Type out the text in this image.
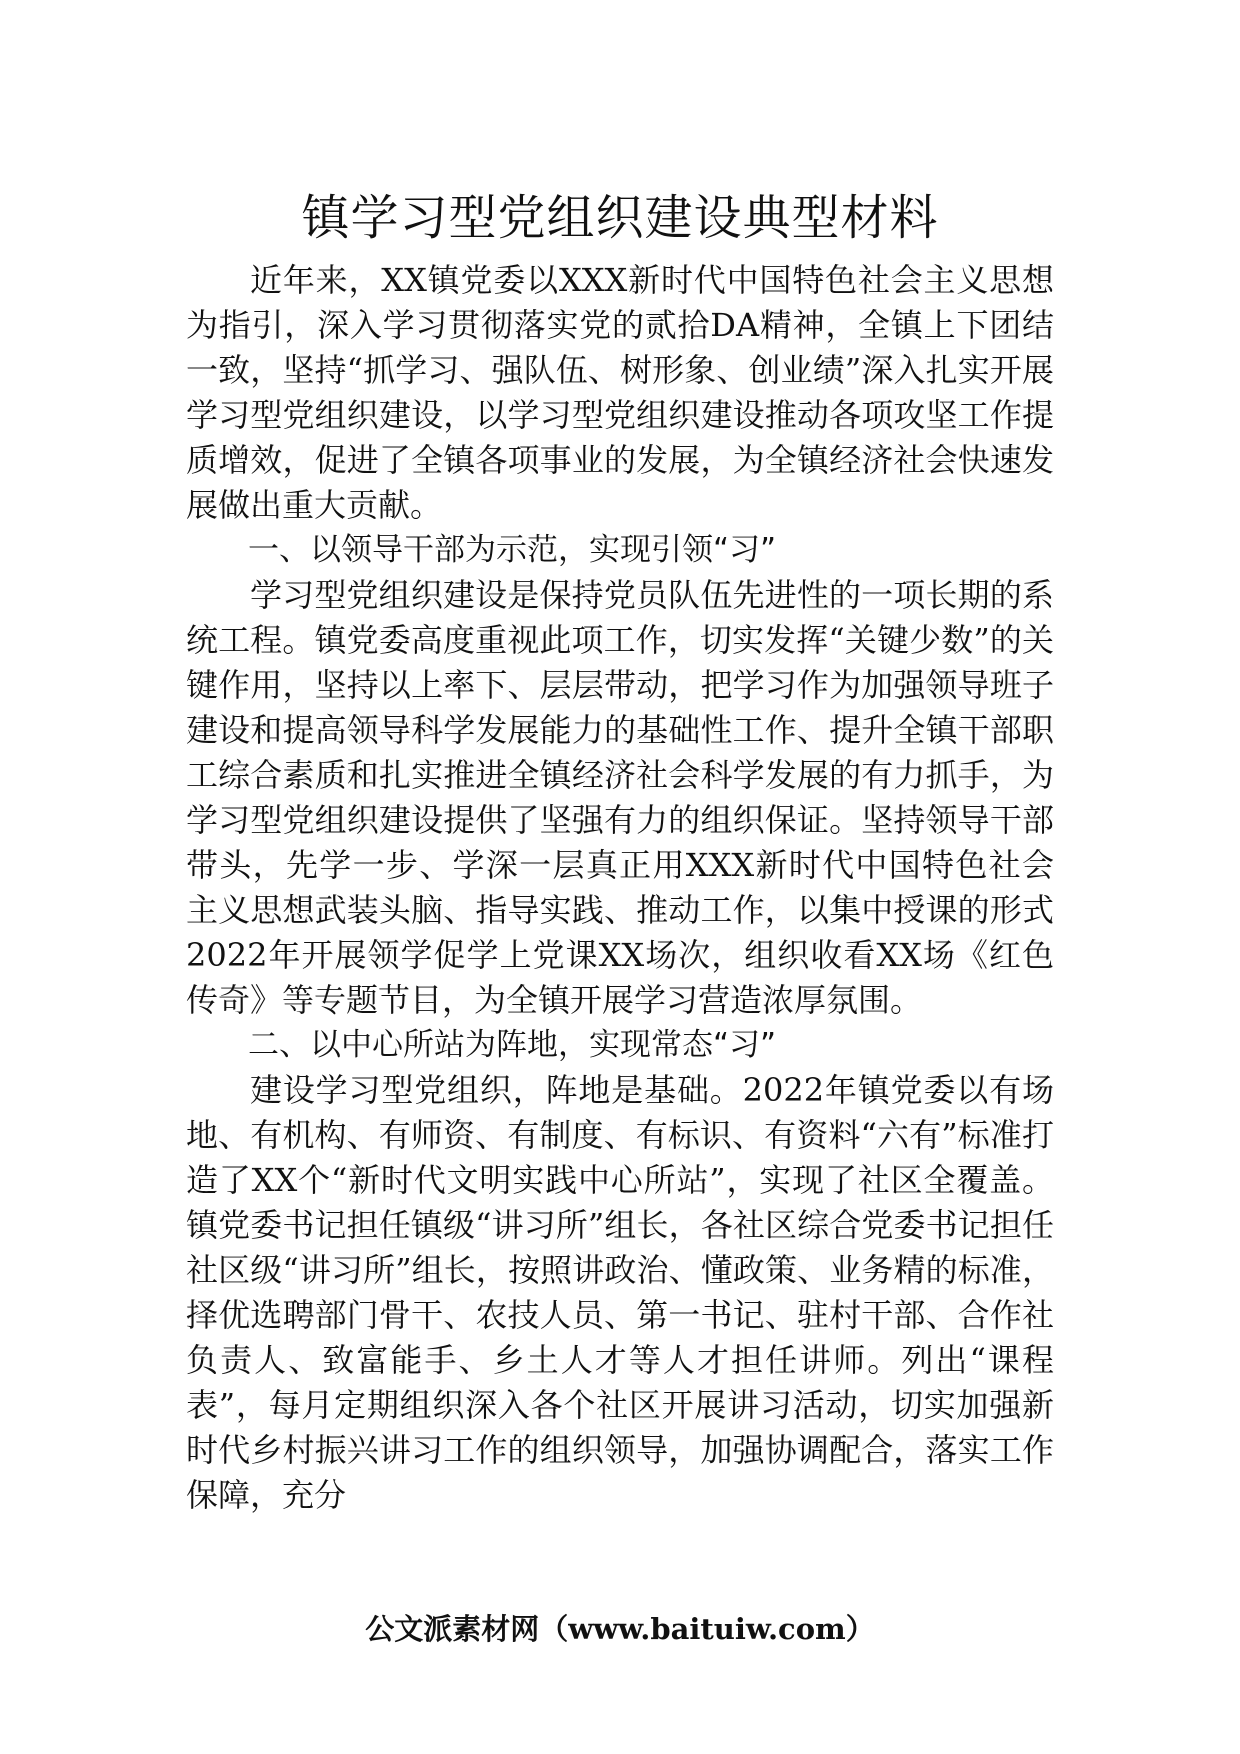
镇学习型党组织建设典型材料

近年来，XX镇党委以XXX新时代中国特色社会主义思想为指引，深入学习贯彻落实党的贰拾DA精神，全镇上下团结一致，坚持“抓学习、强队伍、树形象、创业绩”深入扎实开展学习型党组织建设，以学习型党组织建设推动各项攻坚工作提质增效，促进了全镇各项事业的发展，为全镇经济社会快速发展做出重大贡献。

一、以领导干部为示范，实现引领“习”

学习型党组织建设是保持党员队伍先进性的一项长期的系统工程。镇党委高度重视此项工作，切实发挥“关键少数”的关键作用，坚持以上率下、层层带动，把学习作为加强领导班子建设和提高领导科学发展能力的基础性工作、提升全镇干部职工综合素质和扎实推进全镇经济社会科学发展的有力抓手，为学习型党组织建设提供了坚强有力的组织保证。坚持领导干部带头，先学一步、学深一层真正用XXX新时代中国特色社会主义思想武装头脑、指导实践、推动工作，以集中授课的形式2022年开展领学促学上党课XX场次，组织收看XX场《红色传奇》等专题节目，为全镇开展学习营造浓厚氛围。

二、以中心所站为阵地，实现常态“习”

建设学习型党组织，阵地是基础。2022年镇党委以有场地、有机构、有师资、有制度、有标识、有资料“六有”标准打造了XX个“新时代文明实践中心所站”，实现了社区全覆盖。镇党委书记担任镇级“讲习所”组长，各社区综合党委书记担任社区级“讲习所”组长，按照讲政治、懂政策、业务精的标准，择优选聘部门骨干、农技人员、第一书记、驻村干部、合作社负责人、致富能手、乡土人才等人才担任讲师。列出“课程表”，每月定期组织深入各个社区开展讲习活动，切实加强新时代乡村振兴讲习工作的组织领导，加强协调配合，落实工作保障，充分

公文派素材网（www.baituiw.com）
